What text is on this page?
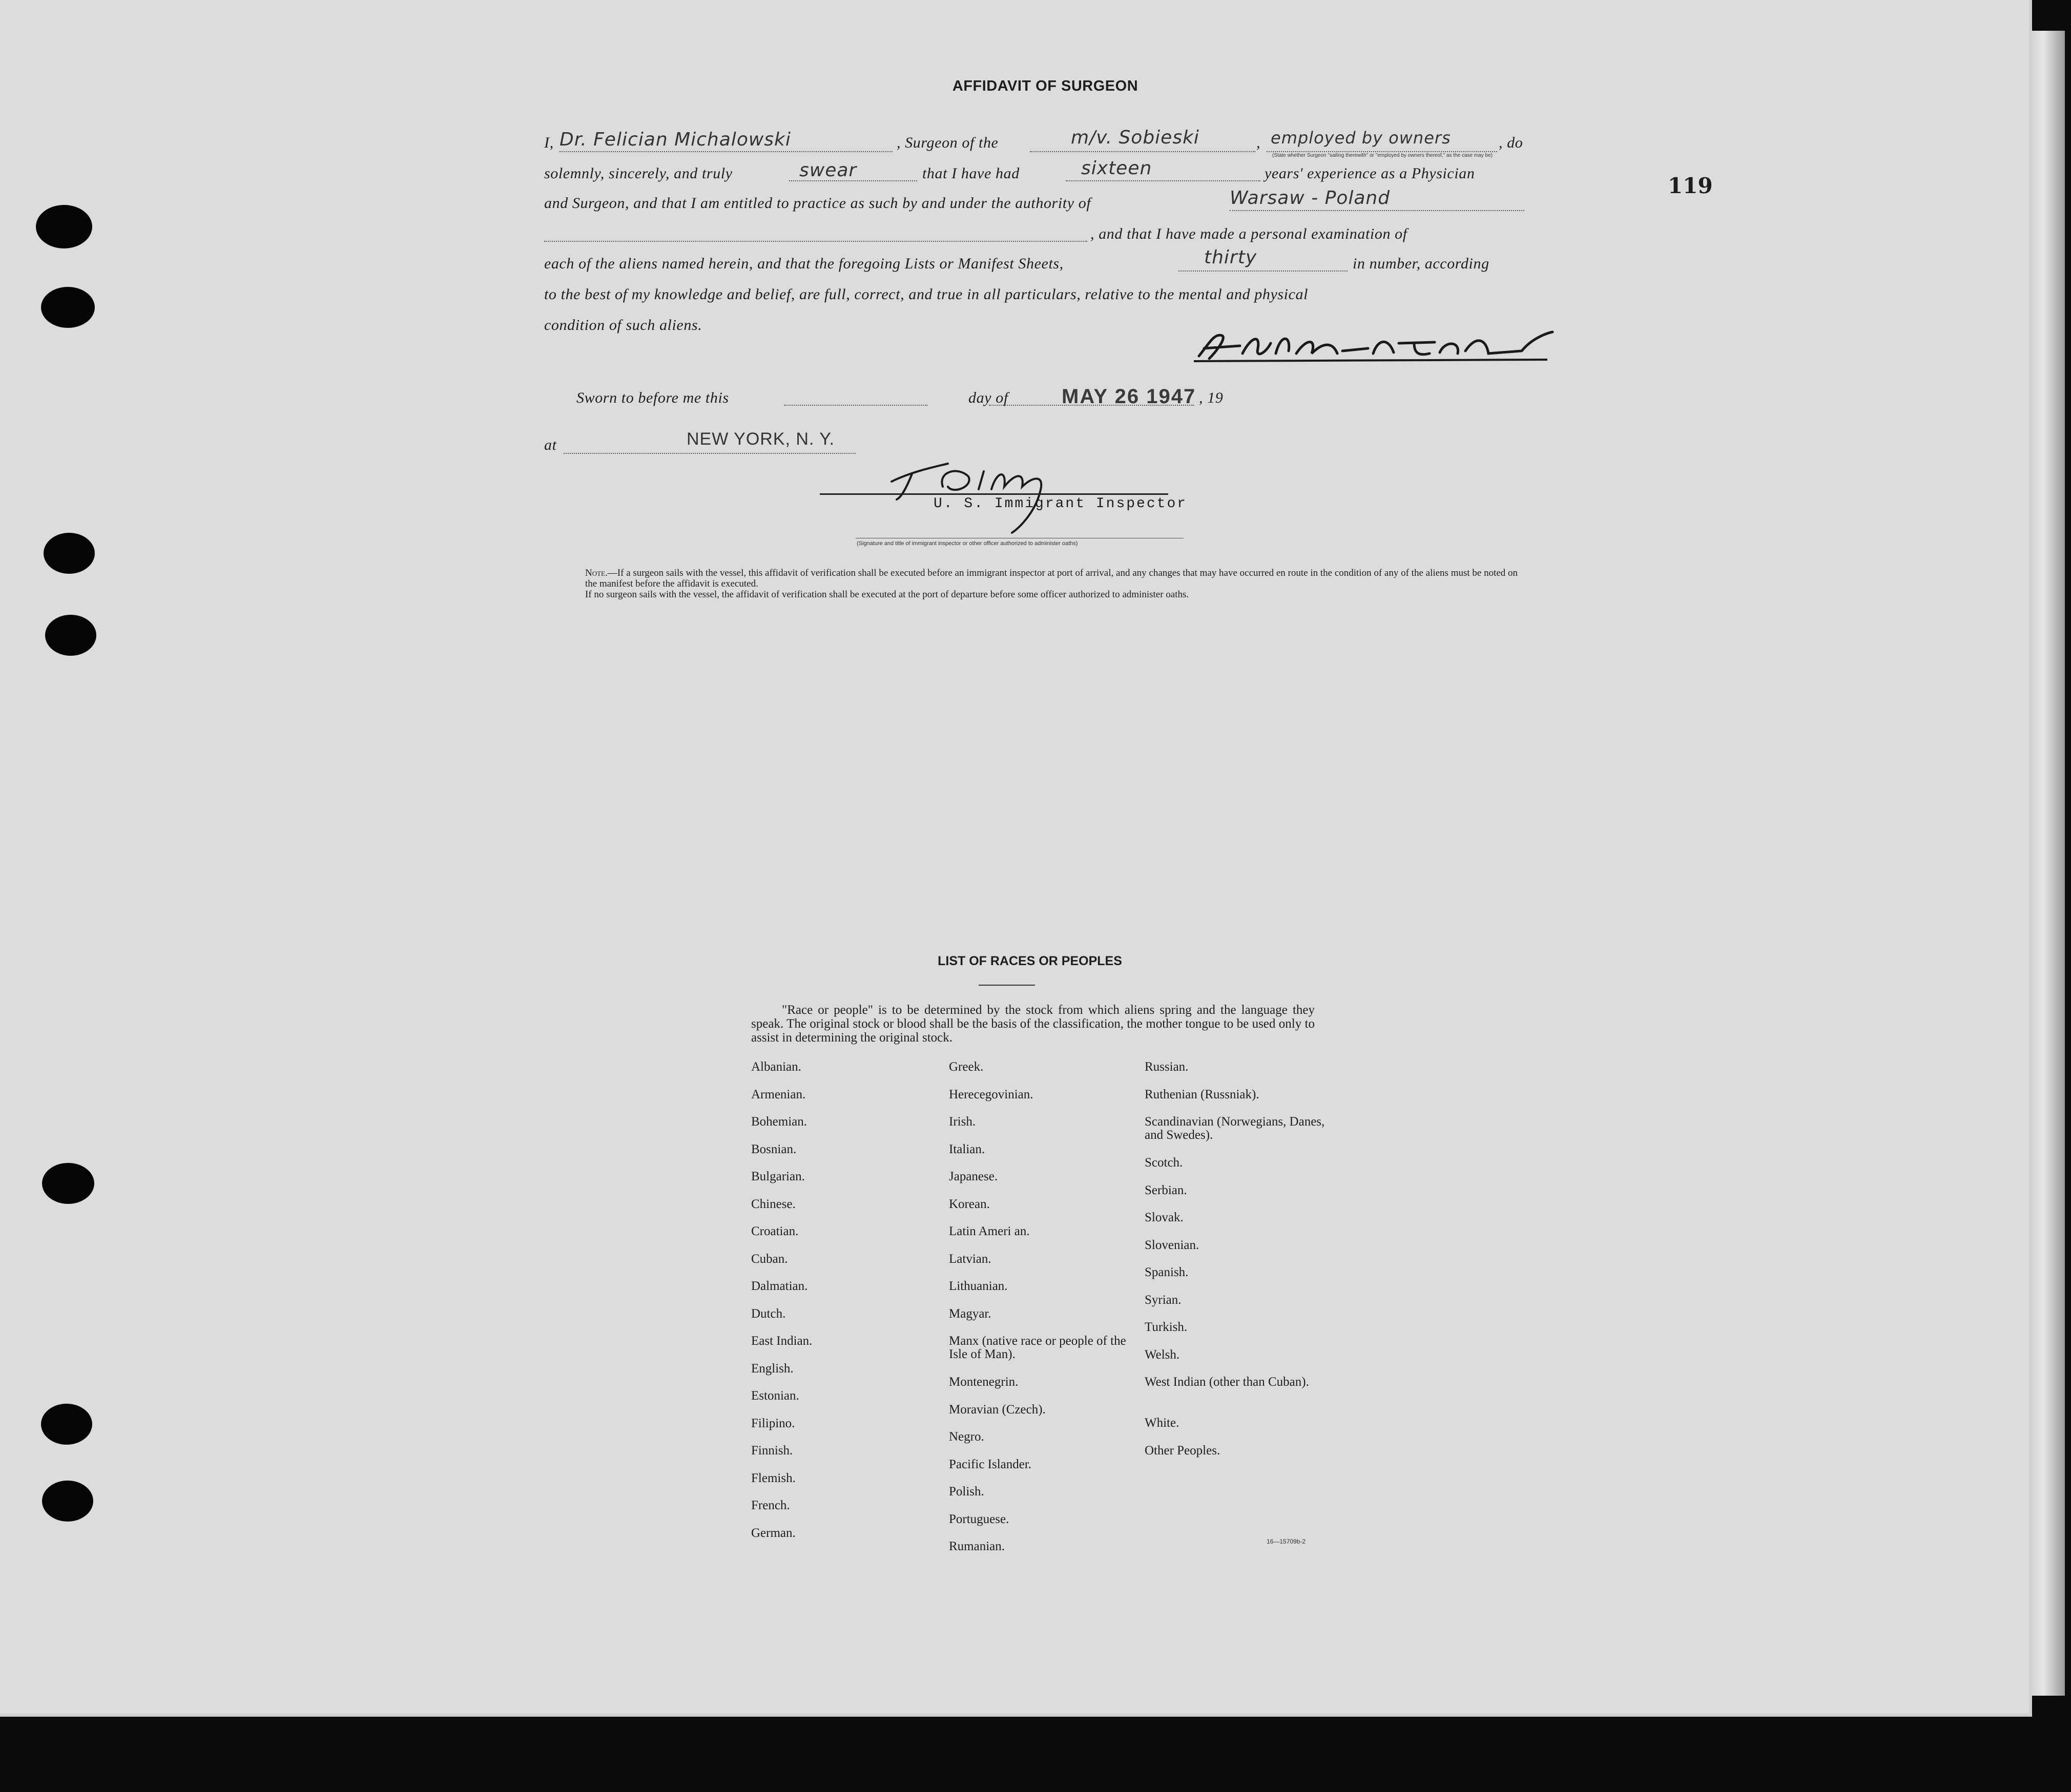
AFFIDAVIT OF SURGEON
119
I, Dr. Felician Michalowski	, Surgeon of the	m/v. Sobieski	, employed by owners	, do
(State whether Surgeon "sailing therewith" or "employed by owners thereof," as the case may be)
solemnly, sincerely, and truly	swear	that I have had	sixteen	years' experience as a Physician
and Surgeon, and that I am entitled to practice as such by and under the authority of	Warsaw - Poland
, and that I have made a personal examination of
each of the aliens named herein, and that the foregoing Lists or Manifest Sheets,	thirty	in number, according
to the best of my knowledge and belief, are full, correct, and true in all particulars, relative to the mental and physical
condition of such aliens.
Sworn to before me this	day of	MAY 26 1947 , 19
at	NEW YORK, N. Y.
U. S. Immigrant Inspector
(Signature and title of immigrant inspector or other officer authorized to administer oaths)

Note.—If a surgeon sails with the vessel, this affidavit of verification shall be executed before an immigrant inspector at port of arrival, and any changes that may have occurred en route in the condition of any of the aliens must be noted on the manifest before the affidavit is executed.

If no surgeon sails with the vessel, the affidavit of verification shall be executed at the port of departure before some officer authorized to administer oaths.

LIST OF RACES OR PEOPLES

"Race or people" is to be determined by the stock from which aliens spring and the language they speak. The original stock or blood shall be the basis of the classification, the mother tongue to be used only to assist in determining the original stock.

Albanian.
Armenian.
Bohemian.
Bosnian.
Bulgarian.
Chinese.
Croatian.
Cuban.
Dalmatian.
Dutch.
East Indian.
English.
Estonian.
Filipino.
Finnish.
Flemish.
French.
German.
Greek.
Herecegovinian.
Irish.
Italian.
Japanese.
Korean.
Latin Ameri an.
Latvian.
Lithuanian.
Magyar.
Manx (native race or people of the Isle of Man).
Montenegrin.
Moravian (Czech).
Negro.
Pacific Islander.
Polish.
Portuguese.
Rumanian.
Russian.
Ruthenian (Russniak).
Scandinavian (Norwegians, Danes, and Swedes).
Scotch.
Serbian.
Slovak.
Slovenian.
Spanish.
Syrian.
Turkish.
Welsh.
West Indian (other than Cuban).
White.
Other Peoples.
16—15709b-2
